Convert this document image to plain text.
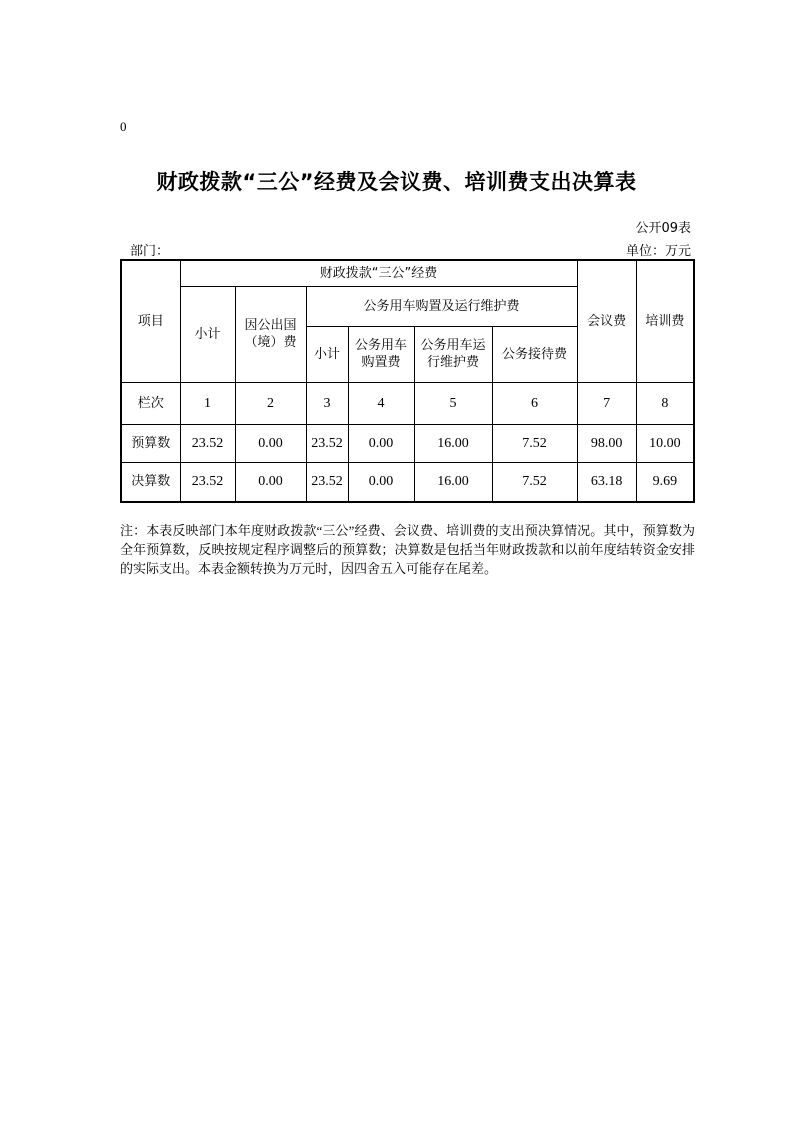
0
财政拨款“三公”经费及会议费、培训费支出决算表
公开09表
部门：	单位：万元
项目	财政拨款“三公”经费						会议费	培训费
	小计	因公出国（境）费	公务用车购置及运行维护费					
			小计	公务用车购置费	公务用车运行维护费	公务接待费		
栏次	1	2	3	4	5	6	7	8
预算数	23.52	0.00	23.52	0.00	16.00	7.52	98.00	10.00
决算数	23.52	0.00	23.52	0.00	16.00	7.52	63.18	9.69
注：本表反映部门本年度财政拨款“三公”经费、会议费、培训费的支出预决算情况。其中，预算数为全年预算数，反映按规定程序调整后的预算数；决算数是包括当年财政拨款和以前年度结转资金安排的实际支出。本表金额转换为万元时，因四舍五入可能存在尾差。
